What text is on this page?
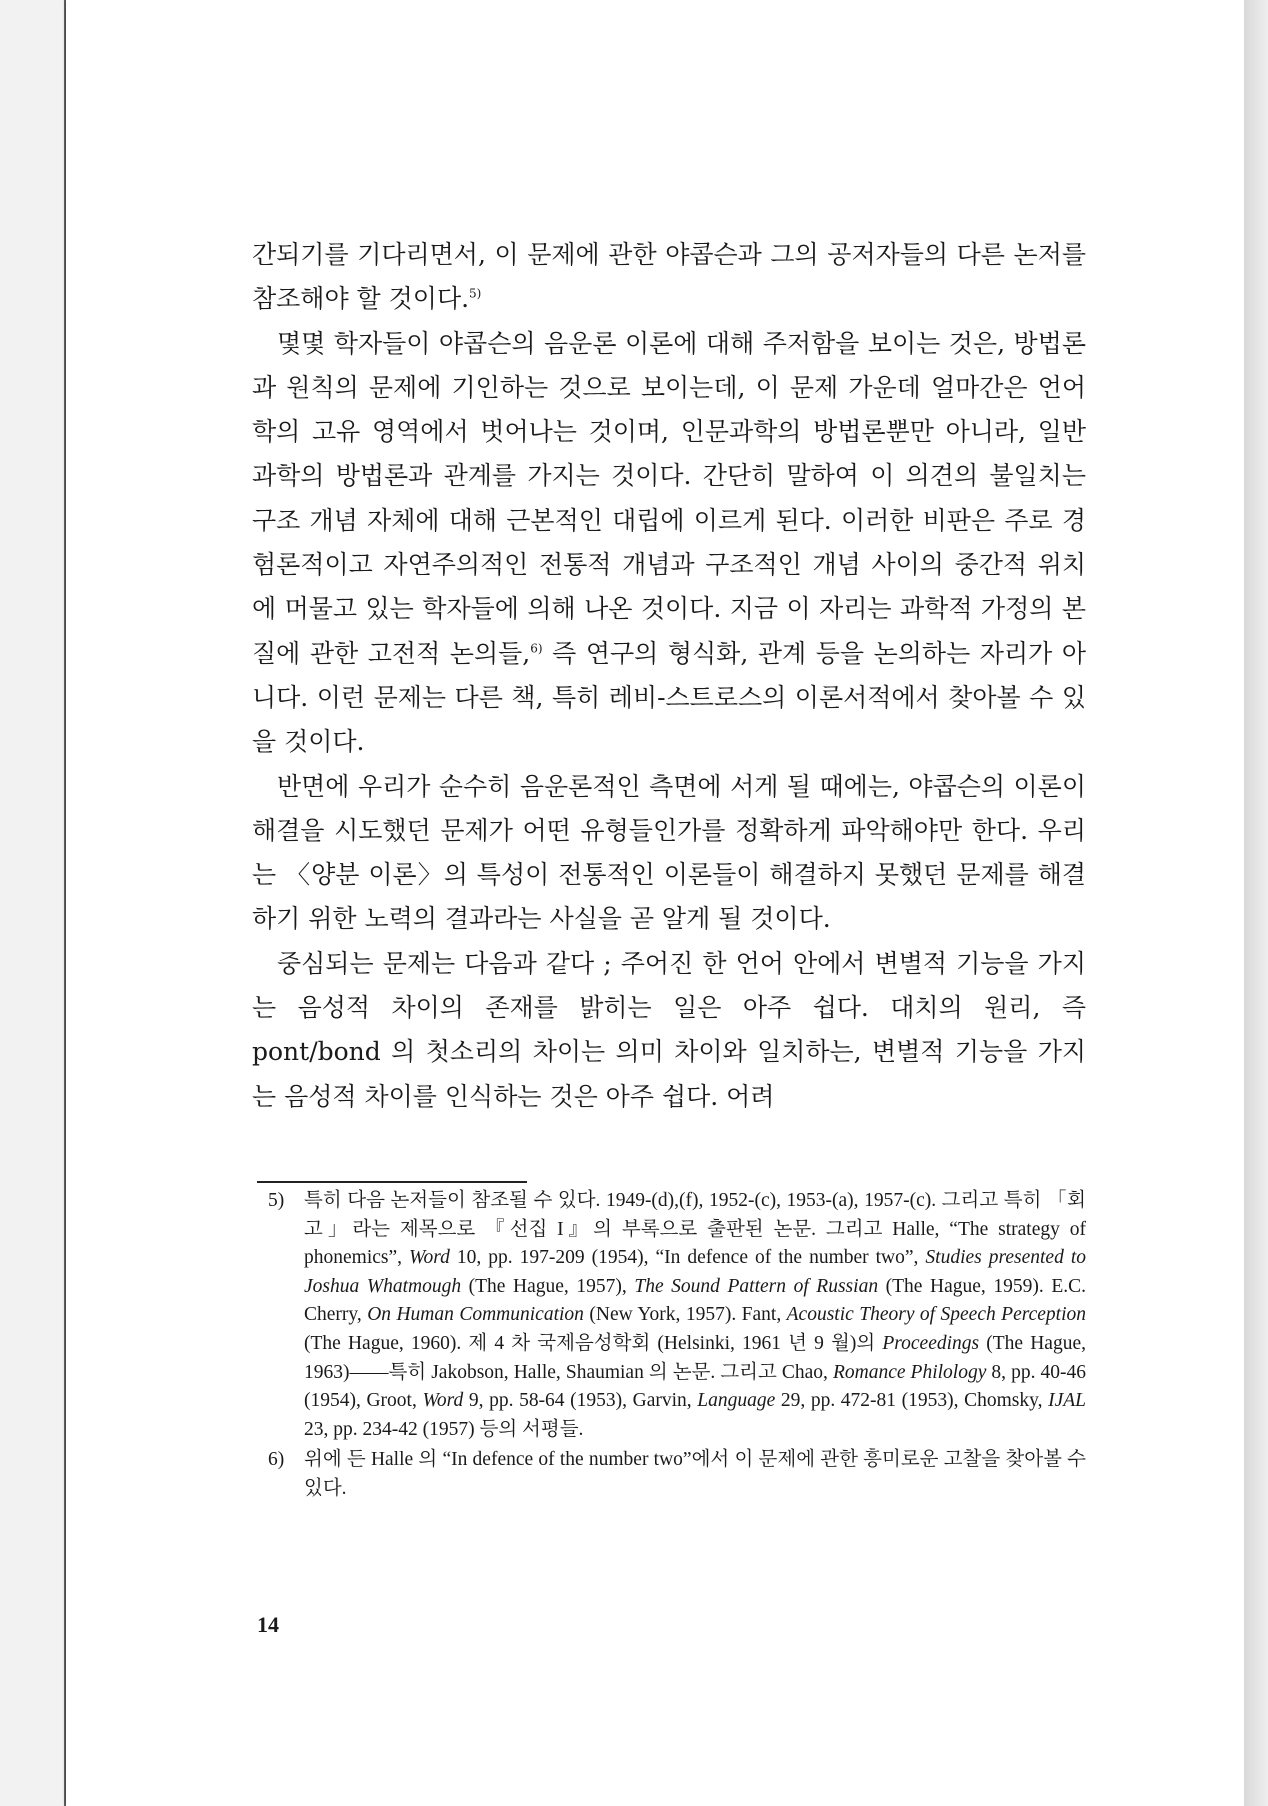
간되기를 기다리면서, 이 문제에 관한 야콥슨과 그의 공저자들의 다른 논저를 참조해야 할 것이다.$^{5)}$

몇몇 학자들이 야콥슨의 음운론 이론에 대해 주저함을 보이는 것은, 방법론과 원칙의 문제에 기인하는 것으로 보이는데, 이 문제 가운데 얼마간은 언어학의 고유 영역에서 벗어나는 것이며, 인문과학의 방법론뿐만 아니라, 일반 과학의 방법론과 관계를 가지는 것이다. 간단히 말하여 이 의견의 불일치는 구조 개념 자체에 대해 근본적인 대립에 이르게 된다. 이러한 비판은 주로 경험론적이고 자연주의적인 전통적 개념과 구조적인 개념 사이의 중간적 위치에 머물고 있는 학자들에 의해 나온 것이다. 지금 이 자리는 과학적 가정의 본질에 관한 고전적 논의들,$^{6)}$ 즉 연구의 형식화, 관계 등을 논의하는 자리가 아니다. 이런 문제는 다른 책, 특히 레비-스트로스의 이론서적에서 찾아볼 수 있을 것이다.

반면에 우리가 순수히 음운론적인 측면에 서게 될 때에는, 야콥슨의 이론이 해결을 시도했던 문제가 어떤 유형들인가를 정확하게 파악해야만 한다. 우리는 〈양분 이론〉의 특성이 전통적인 이론들이 해결하지 못했던 문제를 해결하기 위한 노력의 결과라는 사실을 곧 알게 될 것이다.

중심되는 문제는 다음과 같다 ; 주어진 한 언어 안에서 변별적 기능을 가지는 음성적 차이의 존재를 밝히는 일은 아주 쉽다. 대치의 원리, 즉 pont/bond 의 첫소리의 차이는 의미 차이와 일치하는, 변별적 기능을 가지는 음성적 차이를 인식하는 것은 아주 쉽다. 어려

5) 특히 다음 논저들이 참조될 수 있다. 1949-(d),(f), 1952-(c), 1953-(a), 1957-(c). 그리고 특히 「회고」라는 제목으로 『선집 I』의 부록으로 출판된 논문. 그리고 Halle, “The strategy of phonemics”, Word 10, pp. 197-209 (1954), “In defence of the number two”, Studies presented to Joshua Whatmough (The Hague, 1957), The Sound Pattern of Russian (The Hague, 1959). E.C. Cherry, On Human Communication (New York, 1957). Fant, Acoustic Theory of Speech Perception (The Hague, 1960). 제 4 차 국제음성학회 (Helsinki, 1961 년 9 월)의 Proceedings (The Hague, 1963)——특히 Jakobson, Halle, Shaumian 의 논문. 그리고 Chao, Romance Philology 8, pp. 40-46 (1954), Groot, Word 9, pp. 58-64 (1953), Garvin, Language 29, pp. 472-81 (1953), Chomsky, IJAL 23, pp. 234-42 (1957) 등의 서평들.

6) 위에 든 Halle 의 “In defence of the number two”에서 이 문제에 관한 흥미로운 고찰을 찾아볼 수 있다.

14
